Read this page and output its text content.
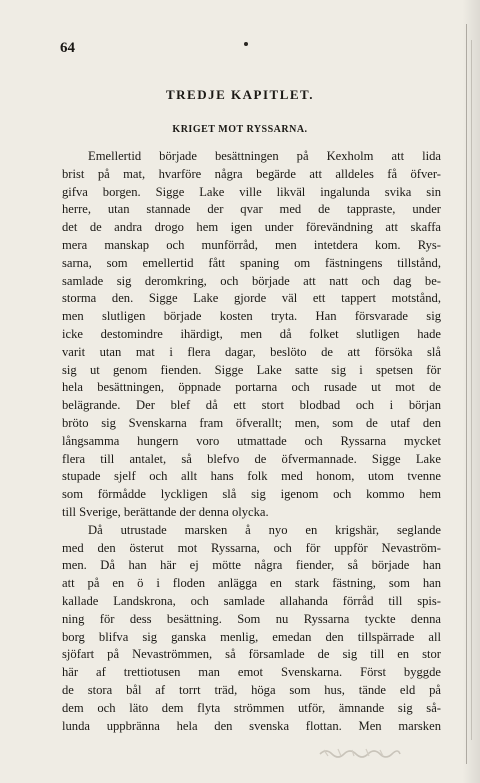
64
TREDJE KAPITLET.
KRIGET MOT RYSSARNA.
Emellertid började besättningen på Kexholm att lida
brist på mat, hvarföre några begärde att alldeles få öfver-
gifva borgen. Sigge Lake ville likväl ingalunda svika sin
herre, utan stannade der qvar med de tappraste, under
det de andra drogo hem igen under förevändning att skaffa
mera manskap och munförråd, men intetdera kom. Rys-
sarna, som emellertid fått spaning om fästningens tillstånd,
samlade sig deromkring, och började att natt och dag be-
storma den. Sigge Lake gjorde väl ett tappert motstånd,
men slutligen började kosten tryta. Han försvarade sig
icke destomindre ihärdigt, men då folket slutligen hade
varit utan mat i flera dagar, beslöto de att försöka slå
sig ut genom fienden. Sigge Lake satte sig i spetsen för
hela besättningen, öppnade portarna och rusade ut mot de
belägrande. Der blef då ett stort blodbad och i början
bröto sig Svenskarna fram öfverallt; men, som de utaf den
långsamma hungern voro utmattade och Ryssarna mycket
flera till antalet, så blefvo de öfvermannade. Sigge Lake
stupade sjelf och allt hans folk med honom, utom tvenne
som förmådde lyckligen slå sig igenom och kommo hem
till Sverige, berättande der denna olycka.
Då utrustade marsken å nyo en krigshär, seglande
med den österut mot Ryssarna, och för uppför Nevaström-
men. Då han här ej mötte några fiender, så började han
att på en ö i floden anlägga en stark fästning, som han
kallade Landskrona, och samlade allahanda förråd till spis-
ning för dess besättning. Som nu Ryssarna tyckte denna
borg blifva sig ganska menlig, emedan den tillspärrade all
sjöfart på Nevaströmmen, så församlade de sig till en stor
här af trettiotusen man emot Svenskarna. Först byggde
de stora bål af torrt träd, höga som hus, tände eld på
dem och läto dem flyta strömmen utför, ämnande sig så-
lunda uppbränna hela den svenska flottan. Men marsken
